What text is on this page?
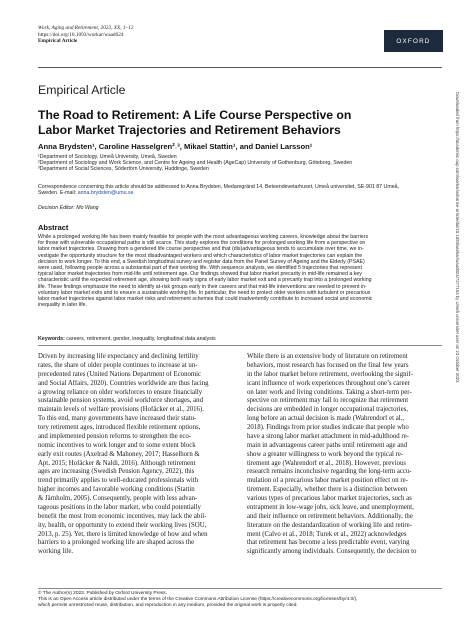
Work, Aging and Retirement, 2023, XX, 1–12
https://doi.org/10.1093/workar/waad024
Empirical Article	OXFORD
Empirical Article
The Road to Retirement: A Life Course Perspective on
Labor Market Trajectories and Retirement Behaviors
Anna Brydsten¹, Caroline Hasselgren²˒³, Mikael Stattin¹, and Daniel Larsson¹
¹Department of Sociology, Umeå University, Umeå, Sweden
²Department of Sociology and Work Science, and Centre for Ageing and Health (AgeCap) University of Gothenburg, Göteborg, Sweden
³Department of Social Sciences, Södertörn University, Huddinge, Sweden
Correspondence concerning this article should be addressed to Anna Brydsten, Medaregränd 14, Beteendevetarhuset, Umeå universitet, SE-901 87 Umeå,
Sweden. E-mail: anna.brydsten@umu.se
Decision Editor: Mo Wang
Abstract
While a prolonged working life has been mainly feasible for people with the most advantageous working careers, knowledge about the barriers
for those with vulnerable occupational paths is still scarce. This study explores the conditions for prolonged working life from a perspective on
labor market trajectories. Drawing from a gendered life course perspective and that (dis)advantageous tends to accumulate over time, we in-
vestigate the opportunity structure for the most disadvantaged workers and which characteristics of labor market trajectories can explain the
decision to work longer. To this end, a Swedish longitudinal survey and register data from the Panel Survey of Ageing and the Elderly (PSAE)
were used, following people across a substantial part of their working life. With sequence analysis, we identified 5 trajectories that represent
typical labor market trajectories from mid-life until retirement age. Our findings showed that labor market precarity in mid-life remained a key
characteristic until the expected retirement age, showing both early signs of early labor market exit and a precarity trap into a prolonged working
life. These findings emphasize the need to identify at-risk groups early in their careers and that mid-life interventions are needed to prevent in-
voluntary labor market exits and to ensure a sustainable working life. In particular, the need to protect older workers with turbulent or precarious
labor market trajectories against labor market risks and retirement schemes that could inadvertently contribute to increased social and economic
inequality in later life.
Keywords: careers, retirement, gender, inequality, longitudinal data analysis
Driven by increasing life expectancy and declining fertility
rates, the share of older people continues to increase at un-
precedented rates (United Nations Department of Economic
and Social Affairs, 2020). Countries worldwide are thus facing
a growing reliance on older workforces to ensure financially
sustainable pension systems, avoid workforce shortages, and
maintain levels of welfare provisions (Hofäcker et al., 2016).
To this end, many governments have increased their statu-
tory retirement ages, introduced flexible retirement options,
and implemented pension reforms to strengthen the eco-
nomic incentives to work longer and to some extent block
early exit routes (Axelrad & Mahoney, 2017; Hasselhorn &
Apt, 2015; Hofäcker & Naldi, 2016). Although retirement
ages are increasing (Swedish Pension Agency, 2022), this
trend primarily applies to well-educated professionals with
higher incomes and favorable working conditions (Stattin
& Järnholm, 2005). Consequently, people with less advan-
tageous positions in the labor market, who could potentially
benefit the most from economic incentives, may lack the abil-
ity, health, or opportunity to extend their working lives (SOU,
2013, p. 25). Yet, there is limited knowledge of how and when
barriers to a prolonged working life are shaped across the
working life.
While there is an extensive body of literature on retirement
behaviors, most research has focused on the final few years
in the labor market before retirement, overlooking the signif-
icant influence of work experiences throughout one’s career
on later work and living conditions. Taking a short-term per-
spective on retirement may fail to recognize that retirement
decisions are embedded in longer occupational trajectories,
long before an actual decision is made (Wahrendorf et al.,
2018). Findings from prior studies indicate that people who
have a strong labor market attachment in mid-adulthood re-
main in advantageous career paths until retirement age and
show a greater willingness to work beyond the typical re-
tirement age (Wahrendorf et al., 2018). However, previous
research remains inconclusive regarding the long-term accu-
mulation of a precarious labor market position effect on re-
tirement. Especially, whether there is a distinction between
various types of precarious labor market trajectories, such as
entrapment in low-wage jobs, sick leave, and unemployment,
and their influence on retirement behaviors. Additionally, the
literature on the destandardization of working life and retire-
ment (Calvo et al., 2018; Turek et al., 2022) acknowledges
that retirement has become a less predictable event, varying
significantly among individuals. Consequently, the decision to
© The Author(s) 2023. Published by Oxford University Press.
This is an Open Access article distributed under the terms of the Creative Commons Attribution License (https://creativecommons.org/licenses/by/4.0/),
which permits unrestricted reuse, distribution, and reproduction in any medium, provided the original work is properly cited.
Downloaded from https://academic.oup.com/workar/advance-article/doi/10.1093/workar/waad024/7277153 by Umeå universitet user on 23 October 2023
